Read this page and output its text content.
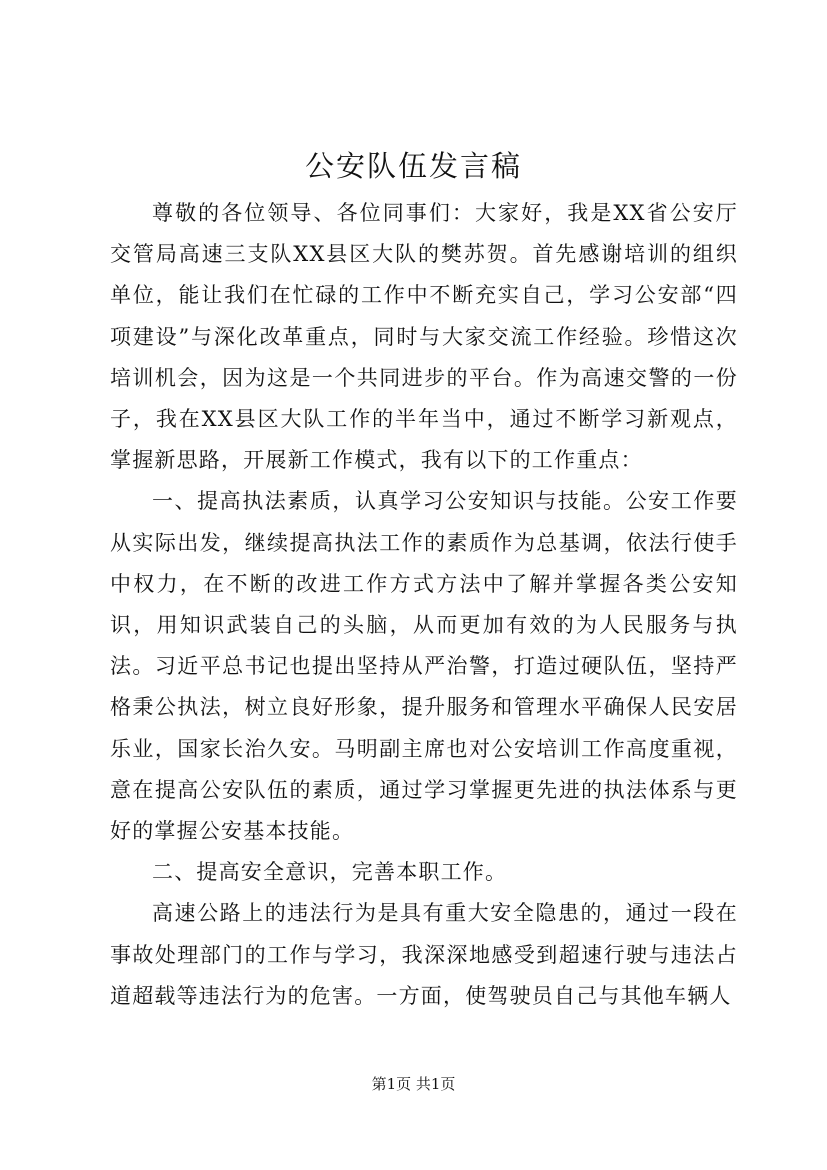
公安队伍发言稿

尊敬的各位领导、各位同事们：大家好，我是XX省公安厅交管局高速三支队XX县区大队的樊苏贺。首先感谢培训的组织单位，能让我们在忙碌的工作中不断充实自己，学习公安部“四项建设”与深化改革重点，同时与大家交流工作经验。珍惜这次培训机会，因为这是一个共同进步的平台。作为高速交警的一份子，我在XX县区大队工作的半年当中，通过不断学习新观点，掌握新思路，开展新工作模式，我有以下的工作重点：

一、提高执法素质，认真学习公安知识与技能。公安工作要从实际出发，继续提高执法工作的素质作为总基调，依法行使手中权力，在不断的改进工作方式方法中了解并掌握各类公安知识，用知识武装自己的头脑，从而更加有效的为人民服务与执法。习近平总书记也提出坚持从严治警，打造过硬队伍，坚持严格秉公执法，树立良好形象，提升服务和管理水平确保人民安居乐业，国家长治久安。马明副主席也对公安培训工作高度重视，意在提高公安队伍的素质，通过学习掌握更先进的执法体系与更好的掌握公安基本技能。

二、提高安全意识，完善本职工作。

高速公路上的违法行为是具有重大安全隐患的，通过一段在事故处理部门的工作与学习，我深深地感受到超速行驶与违法占道超载等违法行为的危害。一方面，使驾驶员自己与其他车辆人

第1页 共1页
